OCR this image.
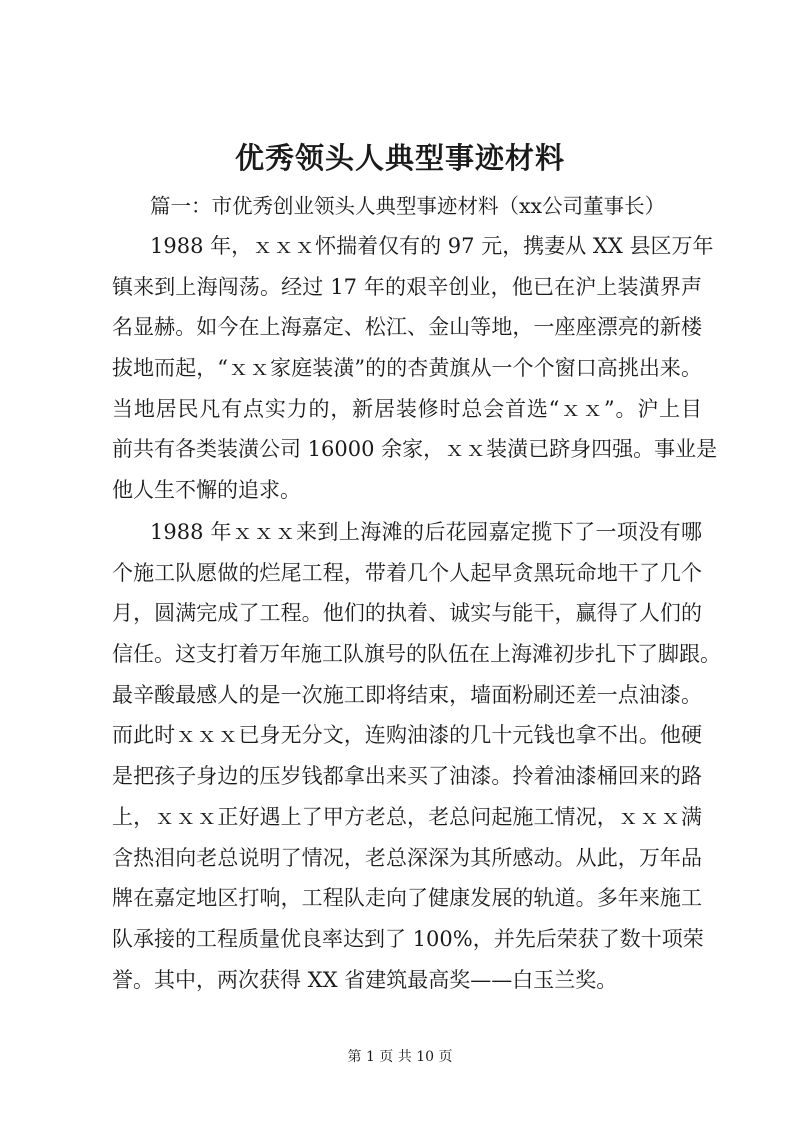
优秀领头人典型事迹材料
篇一：市优秀创业领头人典型事迹材料（xx公司董事长）
1988 年，ｘｘｘ怀揣着仅有的 97 元，携妻从 XX 县区万年
镇来到上海闯荡。经过 17 年的艰辛创业，他已在沪上装潢界声
名显赫。如今在上海嘉定、松江、金山等地，一座座漂亮的新楼
拔地而起，“ｘｘ家庭装潢”的的杏黄旗从一个个窗口高挑出来。
当地居民凡有点实力的，新居装修时总会首选“ｘｘ”。沪上目
前共有各类装潢公司 16000 余家，ｘｘ装潢已跻身四强。事业是
他人生不懈的追求。
1988 年ｘｘｘ来到上海滩的后花园嘉定揽下了一项没有哪
个施工队愿做的烂尾工程，带着几个人起早贪黑玩命地干了几个
月，圆满完成了工程。他们的执着、诚实与能干，赢得了人们的
信任。这支打着万年施工队旗号的队伍在上海滩初步扎下了脚跟。
最辛酸最感人的是一次施工即将结束，墙面粉刷还差一点油漆。
而此时ｘｘｘ已身无分文，连购油漆的几十元钱也拿不出。他硬
是把孩子身边的压岁钱都拿出来买了油漆。拎着油漆桶回来的路
上，ｘｘｘ正好遇上了甲方老总，老总问起施工情况，ｘｘｘ满
含热泪向老总说明了情况，老总深深为其所感动。从此，万年品
牌在嘉定地区打响，工程队走向了健康发展的轨道。多年来施工
队承接的工程质量优良率达到了 100%，并先后荣获了数十项荣
誉。其中，两次获得 XX 省建筑最高奖——白玉兰奖。
第 1 页 共 10 页
